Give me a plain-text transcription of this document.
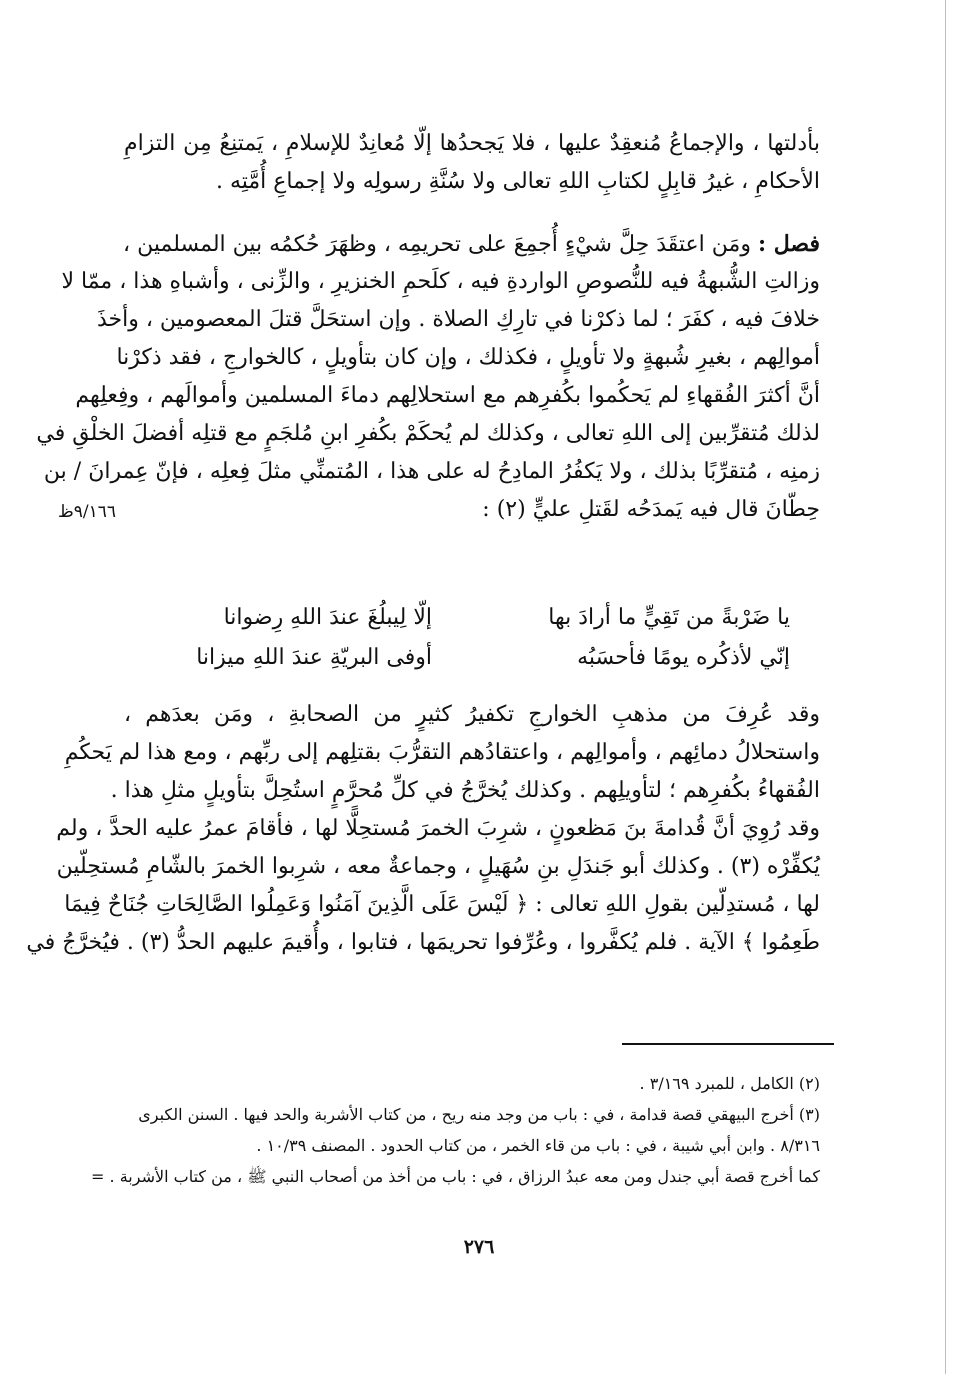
بأدلتها ، والإجماعُ مُنعقِدٌ عليها ، فلا يَجحدُها إلّا مُعانِدٌ للإسلامِ ، يَمتنِعُ مِن التزامِ
الأحكامِ ، غيرُ قابِلٍ لكتابِ اللهِ تعالى ولا سُنَّةِ رسولِه ولا إجماعِ أُمَّتِه .
فصل : ومَن اعتقَدَ حِلَّ شيْءٍ أُجمِعَ على تحريمِه ، وظهَرَ حُكمُه بين المسلمين ،
وزالتِ الشُّبهةُ فيه للنُّصوصِ الواردةِ فيه ، كلَحمِ الخنزيرِ ، والزِّنى ، وأشباهِ هذا ، ممّا لا
خلافَ فيه ، كفَرَ ؛ لما ذكرْنا في تارِكِ الصلاة . وإن استحَلَّ قتلَ المعصومين ، وأخذَ
أموالِهم ، بغيرِ شُبهةٍ ولا تأويلٍ ، فكذلك ، وإن كان بتأويلٍ ، كالخوارجِ ، فقد ذكرْنا
أنَّ أكثرَ الفُقهاءِ لم يَحكُموا بكُفرِهم مع استحلالِهم دماءَ المسلمين وأموالَهم ، وفِعلِهم
لذلك مُتقرِّبين إلى اللهِ تعالى ، وكذلك لم يُحكَمْ بكُفرِ ابنِ مُلجَمٍ مع قتلِه أفضلَ الخلْقِ في
زمنِه ، مُتقرِّبًا بذلك ، ولا يَكفُرُ المادِحُ له على هذا ، المُتمنِّي مثلَ فِعلِه ، فإنّ عِمرانَ / بن
حِطّانَ قال فيه يَمدَحُه لقَتلِ عليٍّ (٢) :
٩/١٦٦ظ
يا ضَرْبةً من تَقِيٍّ ما أرادَ بها
إلّا لِيبلُغَ عندَ اللهِ رِضوانا
إنّي لأذكُره يومًا فأحسَبُه
أوفى البريّةِ عندَ اللهِ ميزانا
وقد عُرِفَ من مذهبِ الخوارجِ تكفيرُ كثيرٍ من الصحابةِ ، ومَن بعدَهم ،
واستحلالُ دمائِهم ، وأموالِهم ، واعتقادُهم التقرُّبَ بقتلِهم إلى ربِّهم ، ومع هذا لم يَحكُمِ
الفُقهاءُ بكُفرِهم ؛ لتأويلِهم . وكذلك يُخرَّجُ في كلِّ مُحرَّمٍ استُحِلَّ بتأويلٍ مثلِ هذا .
وقد رُوِيَ أنَّ قُدامةَ بنَ مَظعونٍ ، شرِبَ الخمرَ مُستحِلًّا لها ، فأقامَ عمرُ عليه الحدَّ ، ولم
يُكفِّرْه (٣) . وكذلك أبو جَندَلِ بنِ سُهَيلٍ ، وجماعةٌ معه ، شرِبوا الخمرَ بالشّامِ مُستحِلّين
لها ، مُستدِلّين بقولِ اللهِ تعالى : ﴿ لَيْسَ عَلَى الَّذِينَ آمَنُوا وَعَمِلُوا الصَّالِحَاتِ جُنَاحٌ فِيمَا
طَعِمُوا ﴾ الآية . فلم يُكفَّروا ، وعُرِّفوا تحريمَها ، فتابوا ، وأُقيمَ عليهم الحدُّ (٣) . فيُخرَّجُ في
(٢) الكامل ، للمبرد ٣/١٦٩ .
(٣) أخرج البيهقي قصة قدامة ، في : باب من وجد منه ريح ، من كتاب الأشربة والحد فيها . السنن الكبرى
٨/٣١٦ . وابن أبي شيبة ، في : باب من قاء الخمر ، من كتاب الحدود . المصنف ١٠/٣٩ .
كما أخرج قصة أبي جندل ومن معه عبدُ الرزاق ، في : باب من أخذ من أصحاب النبي ﷺ ، من كتاب الأشربة . =
٢٧٦
